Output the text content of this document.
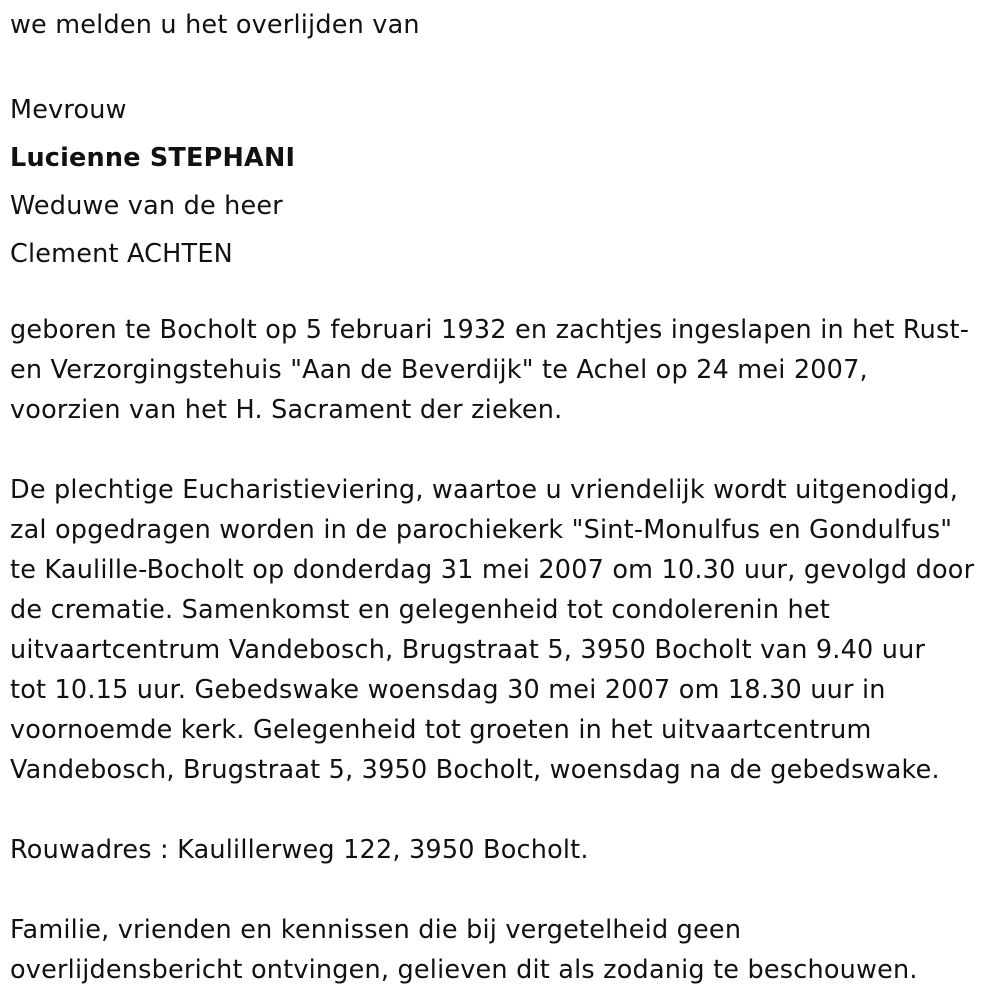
we melden u het overlijden van

Mevrouw

Lucienne STEPHANI

Weduwe van de heer

Clement ACHTEN

geboren te Bocholt op 5 februari 1932 en zachtjes ingeslapen in het Rust-

en Verzorgingstehuis "Aan de Beverdijk" te Achel op 24 mei 2007,

voorzien van het H. Sacrament der zieken.

De plechtige Eucharistieviering, waartoe u vriendelijk wordt uitgenodigd,

zal opgedragen worden in de parochiekerk "Sint-Monulfus en Gondulfus"

te Kaulille-Bocholt op donderdag 31 mei 2007 om 10.30 uur, gevolgd door

de crematie. Samenkomst en gelegenheid tot condolerenin het

uitvaartcentrum Vandebosch, Brugstraat 5, 3950 Bocholt van 9.40 uur

tot 10.15 uur. Gebedswake woensdag 30 mei 2007 om 18.30 uur in

voornoemde kerk. Gelegenheid tot groeten in het uitvaartcentrum

Vandebosch, Brugstraat 5, 3950 Bocholt, woensdag na de gebedswake.

Rouwadres : Kaulillerweg 122, 3950 Bocholt.

Familie, vrienden en kennissen die bij vergetelheid geen

overlijdensbericht ontvingen, gelieven dit als zodanig te beschouwen.
